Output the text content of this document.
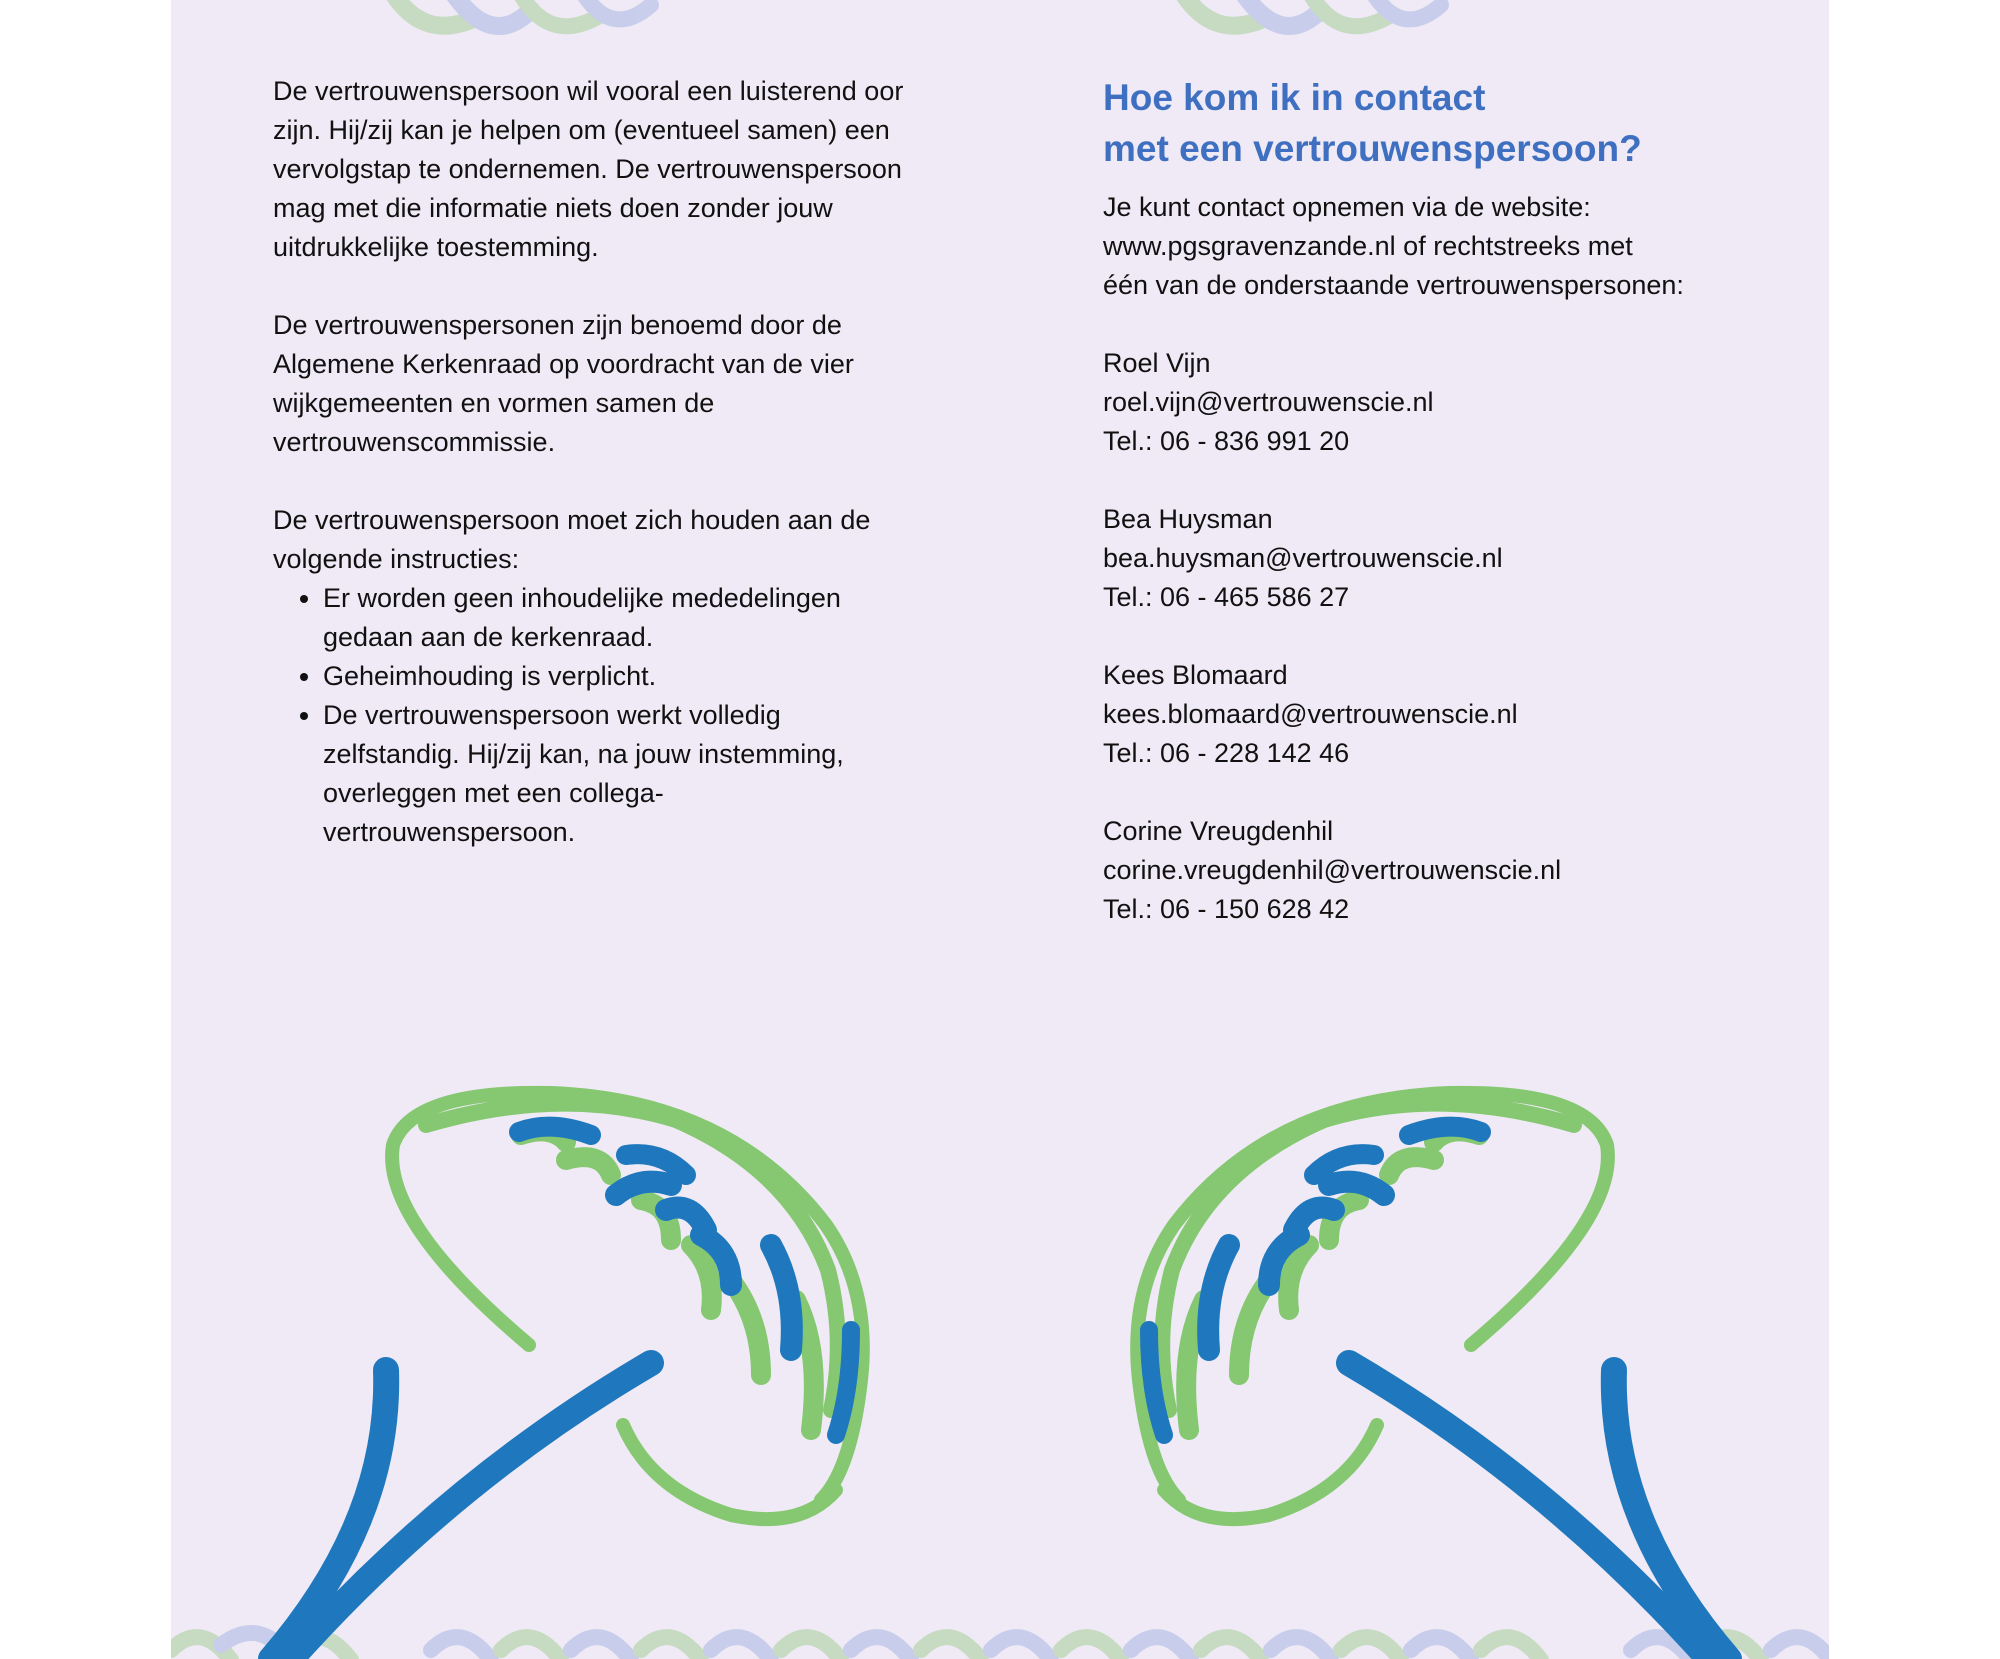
De vertrouwenspersoon wil vooral een luisterend oor zijn. Hij/zij kan je helpen om (eventueel samen) een vervolgstap te ondernemen. De vertrouwenspersoon mag met die informatie niets doen zonder jouw uitdrukkelijke toestemming.

De vertrouwenspersonen zijn benoemd door de Algemene Kerkenraad op voordracht van de vier wijkgemeenten en vormen samen de vertrouwenscommissie.

De vertrouwenspersoon moet zich houden aan de volgende instructies:

• Er worden geen inhoudelijke mededelingen gedaan aan de kerkenraad.
• Geheimhouding is verplicht.
• De vertrouwenspersoon werkt volledig zelfstandig. Hij/zij kan, na jouw instemming, overleggen met een collega-vertrouwenspersoon.
Hoe kom ik in contact
met een vertrouwenspersoon?

Je kunt contact opnemen via de website:
www.pgsgravenzande.nl of rechtstreeks met
één van de onderstaande vertrouwenspersonen:

Roel Vijn
roel.vijn@vertrouwenscie.nl
Tel.: 06 - 836 991 20
Bea Huysman
bea.huysman@vertrouwenscie.nl
Tel.: 06 - 465 586 27
Kees Blomaard
kees.blomaard@vertrouwenscie.nl
Tel.: 06 - 228 142 46
Corine Vreugdenhil
corine.vreugdenhil@vertrouwenscie.nl
Tel.: 06 - 150 628 42
